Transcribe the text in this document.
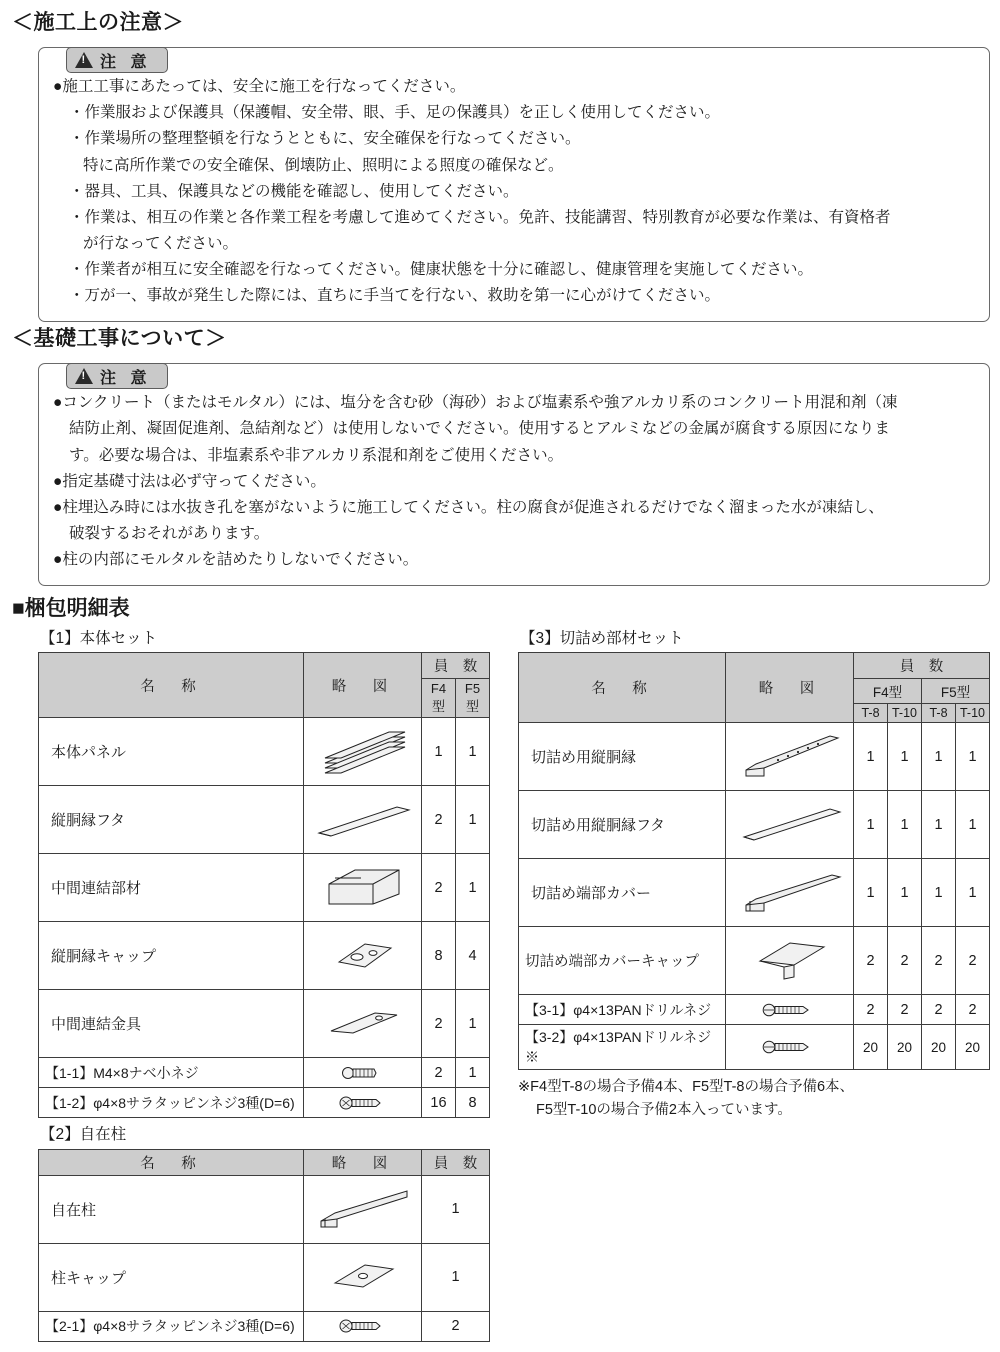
＜施工上の注意＞
!
注 意
●施工工事にあたっては、安全に施工を行なってください。
・作業服および保護具（保護帽、安全帯、眼、手、足の保護具）を正しく使用してください。
・作業場所の整理整頓を行なうとともに、安全確保を行なってください。
特に高所作業での安全確保、倒壊防止、照明による照度の確保など。
・器具、工具、保護具などの機能を確認し、使用してください。
・作業は、相互の作業と各作業工程を考慮して進めてください。免許、技能講習、特別教育が必要な作業は、有資格者
が行なってください。
・作業者が相互に安全確認を行なってください。健康状態を十分に確認し、健康管理を実施してください。
・万が一、事故が発生した際には、直ちに手当てを行ない、救助を第一に心がけてください。
＜基礎工事について＞
!
注 意
●コンクリート（またはモルタル）には、塩分を含む砂（海砂）および塩素系や強アルカリ系のコンクリート用混和剤（凍
結防止剤、凝固促進剤、急結剤など）は使用しないでください。使用するとアルミなどの金属が腐食する原因になりま
す。必要な場合は、非塩素系や非アルカリ系混和剤をご使用ください。
●指定基礎寸法は必ず守ってください。
●柱埋込み時には水抜き孔を塞がないように施工してください。柱の腐食が促進されるだけでなく溜まった水が凍結し、
破裂するおそれがあります。
●柱の内部にモルタルを詰めたりしないでください。
■梱包明細表
【1】本体セット
名　称	略　図	員　数	
		F4型	F5型
本体パネル		1	1
縦胴縁フタ		2	1
中間連結部材		2	1
縦胴縁キャップ		8	4
中間連結金具		2	1
【1-1】M4×8ナベ小ネジ		2	1
【1-2】φ4×8サラタッピンネジ3種(D=6)		16	8
【2】自在柱
名　称	略　図	員　数
自在柱		1
柱キャップ		1
【2-1】φ4×8サラタッピンネジ3種(D=6)		2
【3】切詰め部材セット
名　称	略　図	員　数			
		F4型		F5型	
		T-8	T-10	T-8	T-10
切詰め用縦胴縁		1	1	1	1
切詰め用縦胴縁フタ		1	1	1	1
切詰め端部カバー		1	1	1	1
切詰め端部カバーキャップ		2	2	2	2
【3-1】φ4×13PANドリルネジ		2	2	2	2
【3-2】φ4×13PANドリルネジ※		20	20	20	20
※F4型T-8の場合予備4本、F5型T-8の場合予備6本、
F5型T-10の場合予備2本入っています。
